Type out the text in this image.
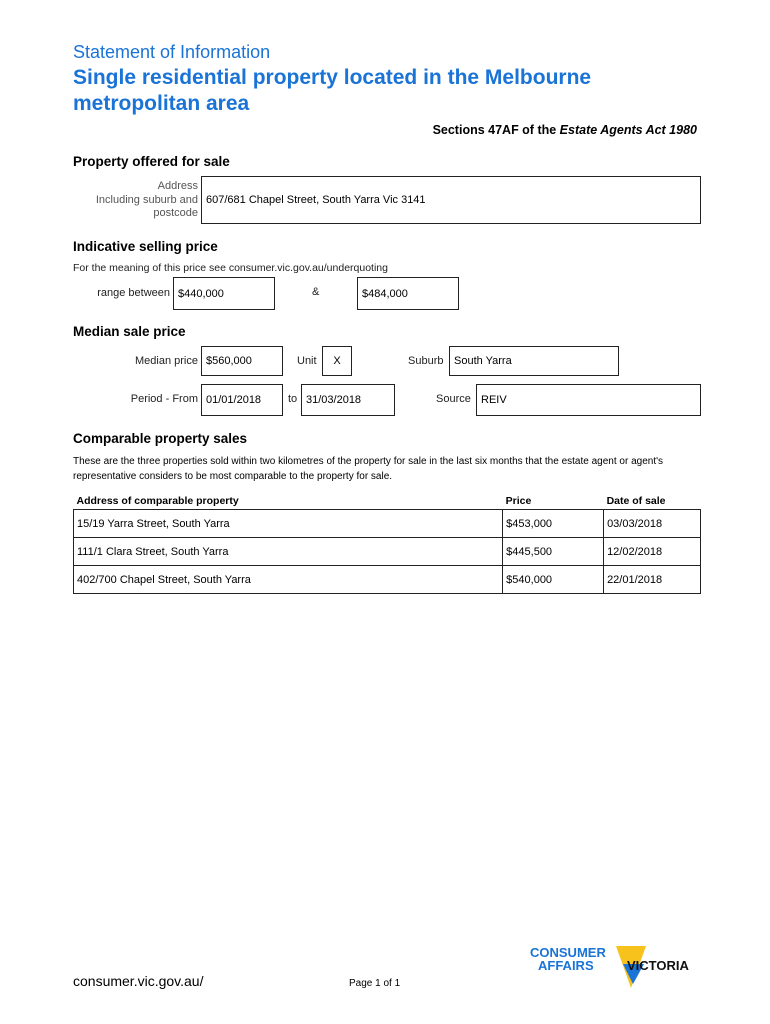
Statement of Information
Single residential property located in the Melbourne metropolitan area
Sections 47AF of the Estate Agents Act 1980
Property offered for sale
Address
Including suburb and
postcode
607/681 Chapel Street, South Yarra Vic 3141
Indicative selling price
For the meaning of this price see consumer.vic.gov.au/underquoting
range between $440,000	&	$484,000
Median sale price
Median price $560,000	Unit	X	Suburb South Yarra
Period - From 01/01/2018	to 31/03/2018	Source REIV
Comparable property sales
These are the three properties sold within two kilometres of the property for sale in the last six months that the estate agent or agent's representative considers to be most comparable to the property for sale.
Address of comparable property	Price	Date of sale
15/19 Yarra Street, South Yarra	$453,000	03/03/2018
111/1 Clara Street, South Yarra	$445,500	12/02/2018
402/700 Chapel Street, South Yarra	$540,000	22/01/2018
consumer.vic.gov.au/	Page 1 of 1
CONSUMER
AFFAIRS	VICTORIA
